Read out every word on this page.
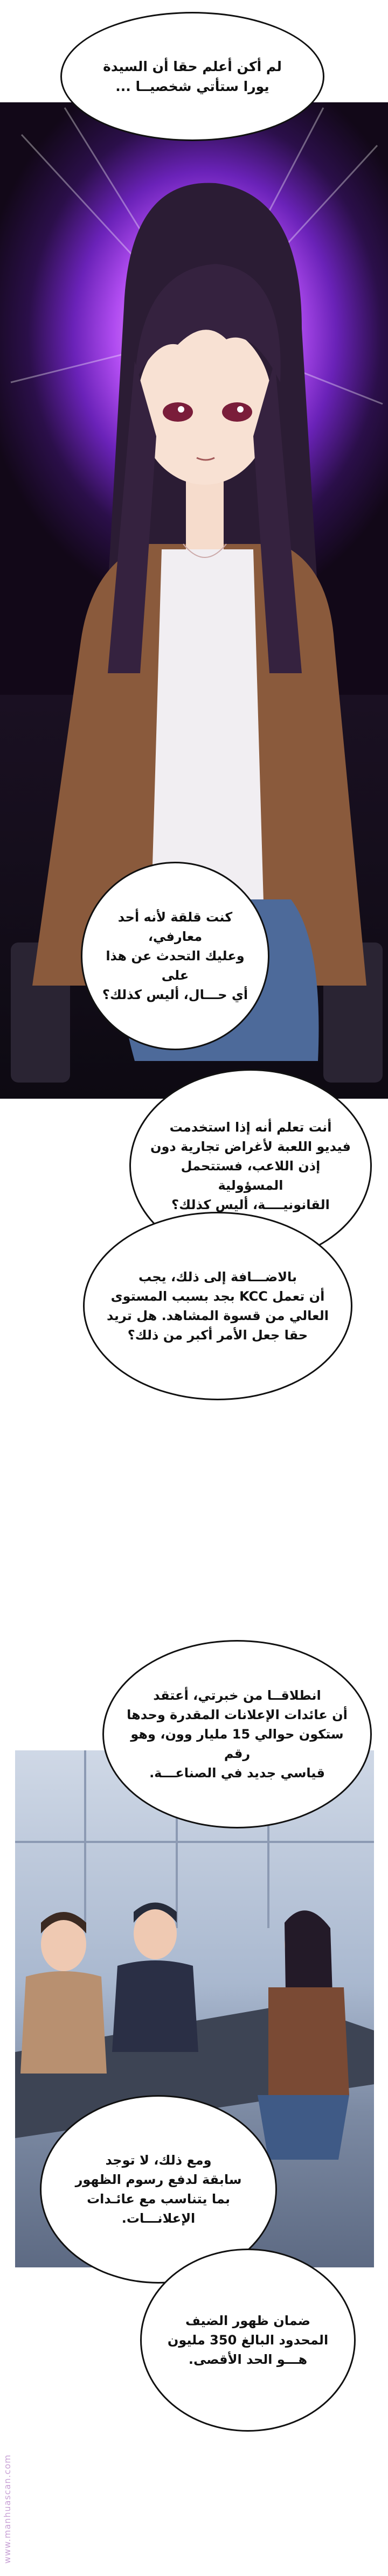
لم أكن أعلم حقا أن السيدة
يورا ستأتي شخصيــا ...
كنت قلقة لأنه أحد معارفي،
وعليك التحدث عن هذا على
أي حـــال، أليس كذلك؟
أنت تعلم أنه إذا استخدمت
فيديو اللعبة لأغراض تجارية دون
إذن اللاعب، فستتحمل المسؤولية
القانونيــــة، أليس كذلك؟
بالاضـــافة إلى ذلك، يجب
أن تعمل KCC بجد بسبب المستوى
العالي من قسوة المشاهد. هل تريد
حقا جعل الأمر أكبر من ذلك؟
انطلاقــا من خبرتي، أعتقد
أن عائدات الإعلانات المقدرة وحدها
ستكون حوالي 15 مليار وون، وهو رقم
قياسي جديد في الصناعـــة.
ومع ذلك، لا توجد
سابقة لدفع رسوم الظهور
بما يتناسب مع عائـدات
الإعلانـــات.
ضمان ظهور الضيف
المحدود البالغ 350 مليون
هـــو الحد الأقصى.
www.manhuascan.com
